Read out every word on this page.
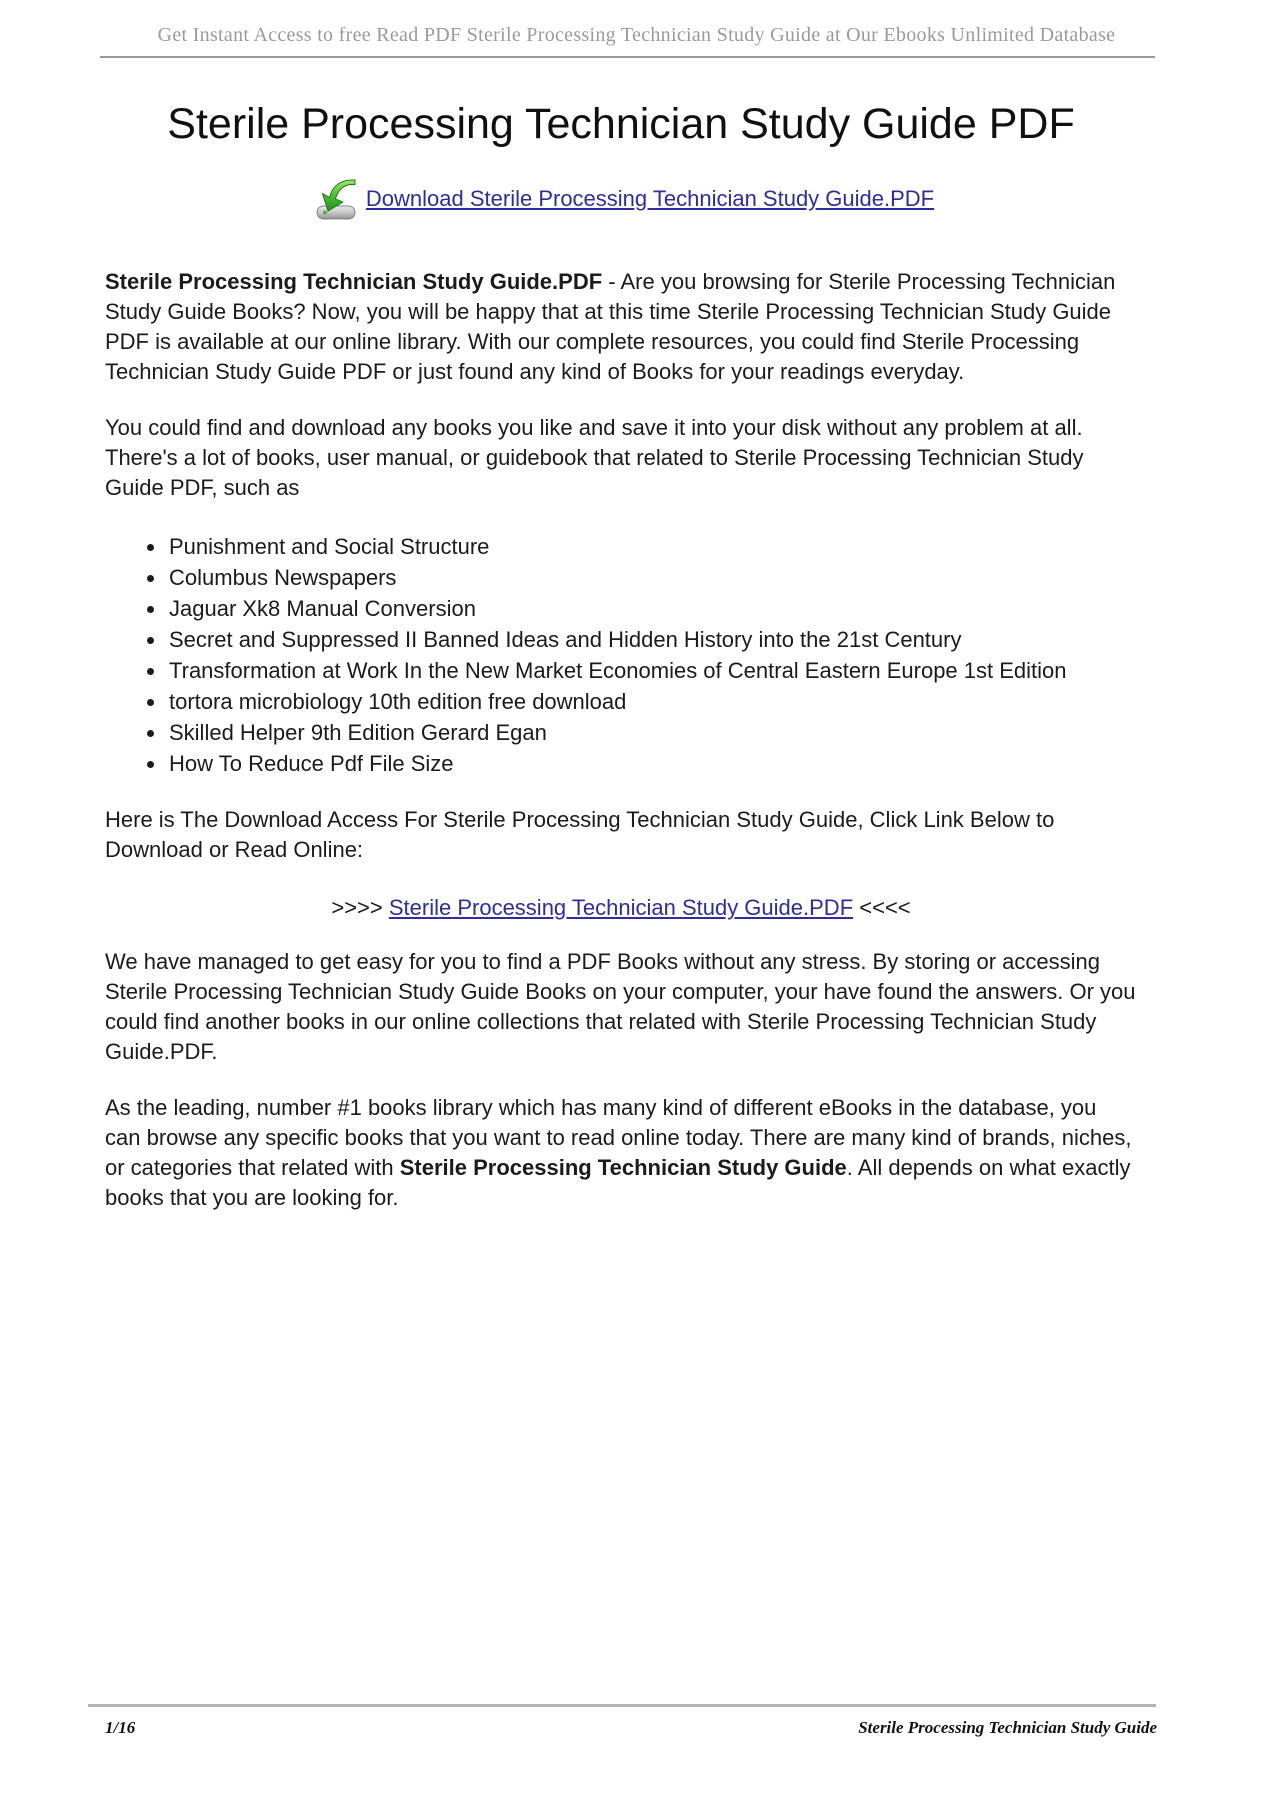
Get Instant Access to free Read PDF Sterile Processing Technician Study Guide at Our Ebooks Unlimited Database
Sterile Processing Technician Study Guide PDF
Download Sterile Processing Technician Study Guide.PDF

Sterile Processing Technician Study Guide.PDF - Are you browsing for Sterile Processing Technician Study Guide Books? Now, you will be happy that at this time Sterile Processing Technician Study Guide PDF is available at our online library. With our complete resources, you could find Sterile Processing Technician Study Guide PDF or just found any kind of Books for your readings everyday.

You could find and download any books you like and save it into your disk without any problem at all. There's a lot of books, user manual, or guidebook that related to Sterile Processing Technician Study Guide PDF, such as

• Punishment and Social Structure
• Columbus Newspapers
• Jaguar Xk8 Manual Conversion
• Secret and Suppressed II Banned Ideas and Hidden History into the 21st Century
• Transformation at Work In the New Market Economies of Central Eastern Europe 1st Edition
• tortora microbiology 10th edition free download
• Skilled Helper 9th Edition Gerard Egan
• How To Reduce Pdf File Size

Here is The Download Access For Sterile Processing Technician Study Guide, Click Link Below to Download or Read Online:

>>>> Sterile Processing Technician Study Guide.PDF <<<<

We have managed to get easy for you to find a PDF Books without any stress. By storing or accessing Sterile Processing Technician Study Guide Books on your computer, your have found the answers. Or you could find another books in our online collections that related with Sterile Processing Technician Study Guide.PDF.

As the leading, number #1 books library which has many kind of different eBooks in the database, you can browse any specific books that you want to read online today. There are many kind of brands, niches, or categories that related with Sterile Processing Technician Study Guide. All depends on what exactly books that you are looking for.

1/16	Sterile Processing Technician Study Guide
